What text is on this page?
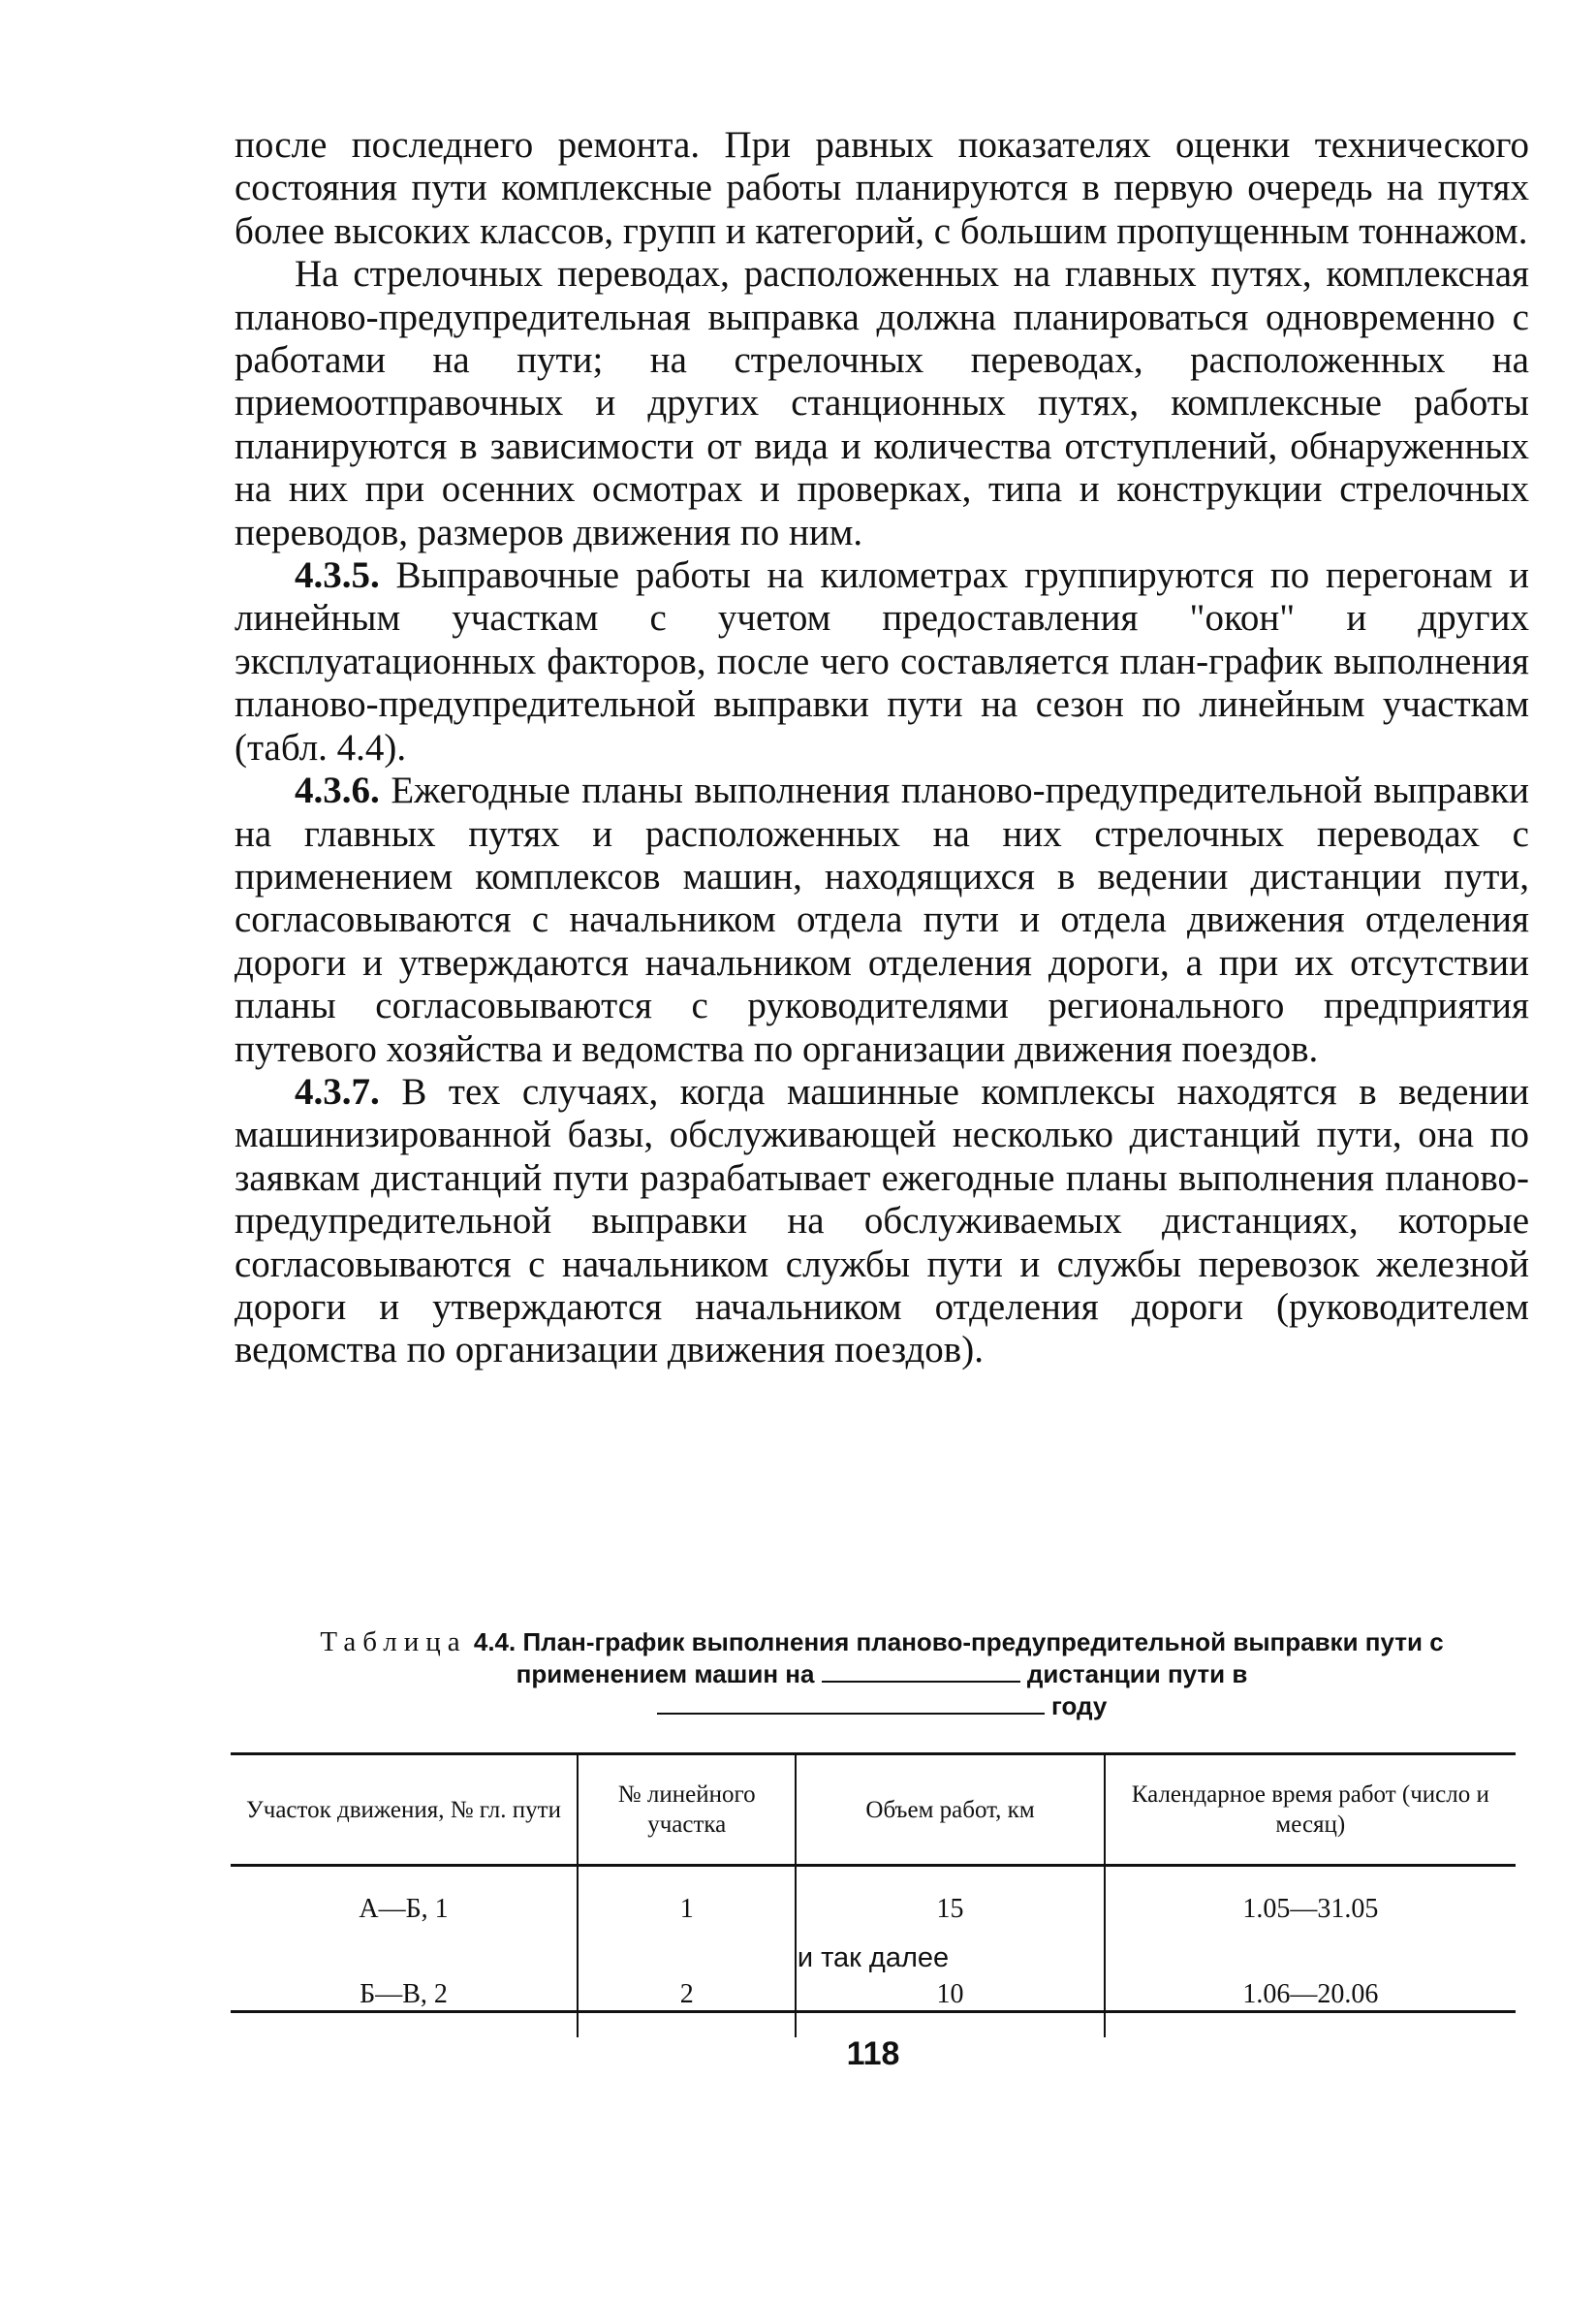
после последнего ремонта. При равных показателях оценки технического состояния пути комплексные работы планируются в первую очередь на путях более высоких классов, групп и категорий, с большим пропущенным тоннажом.

На стрелочных переводах, расположенных на главных путях, комплексная планово-предупредительная выправка должна планироваться одновременно с работами на пути; на стрелочных переводах, расположенных на приемоотправочных и других станционных путях, комплексные работы планируются в зависимости от вида и количества отступлений, обнаруженных на них при осенних осмотрах и проверках, типа и конструкции стрелочных переводов, размеров движения по ним.

4.3.5. Выправочные работы на километрах группируются по перегонам и линейным участкам с учетом предоставления "окон" и других эксплуатационных факторов, после чего составляется план-график выполнения планово-предупредительной выправки пути на сезон по линейным участкам (табл. 4.4).

4.3.6. Ежегодные планы выполнения планово-предупредительной выправки на главных путях и расположенных на них стрелочных переводах с применением комплексов машин, находящихся в ведении дистанции пути, согласовываются с начальником отдела пути и отдела движения отделения дороги и утверждаются начальником отделения дороги, а при их отсутствии планы согласовываются с руководителями регионального предприятия путевого хозяйства и ведомства по организации движения поездов.

4.3.7. В тех случаях, когда машинные комплексы находятся в ведении машинизированной базы, обслуживающей несколько дистанций пути, она по заявкам дистанций пути разрабатывает ежегодные планы выполнения планово-предупредительной выправки на обслуживаемых дистанциях, которые согласовываются с начальником службы пути и службы перевозок железной дороги и утверждаются начальником отделения дороги (руководителем ведомства по организации движения поездов).

Таблица 4.4. План-график выполнения планово-предупредительной выправки пути с применением машин на	дистанции пути в
году
Участок движения, № гл. пути	№ линейного участка	Объем работ, км	Календарное время работ (число и месяц)
А—Б, 1	1	15	1.05—31.05
Б—В, 2	2	10	1.06—20.06
и так далее
118
